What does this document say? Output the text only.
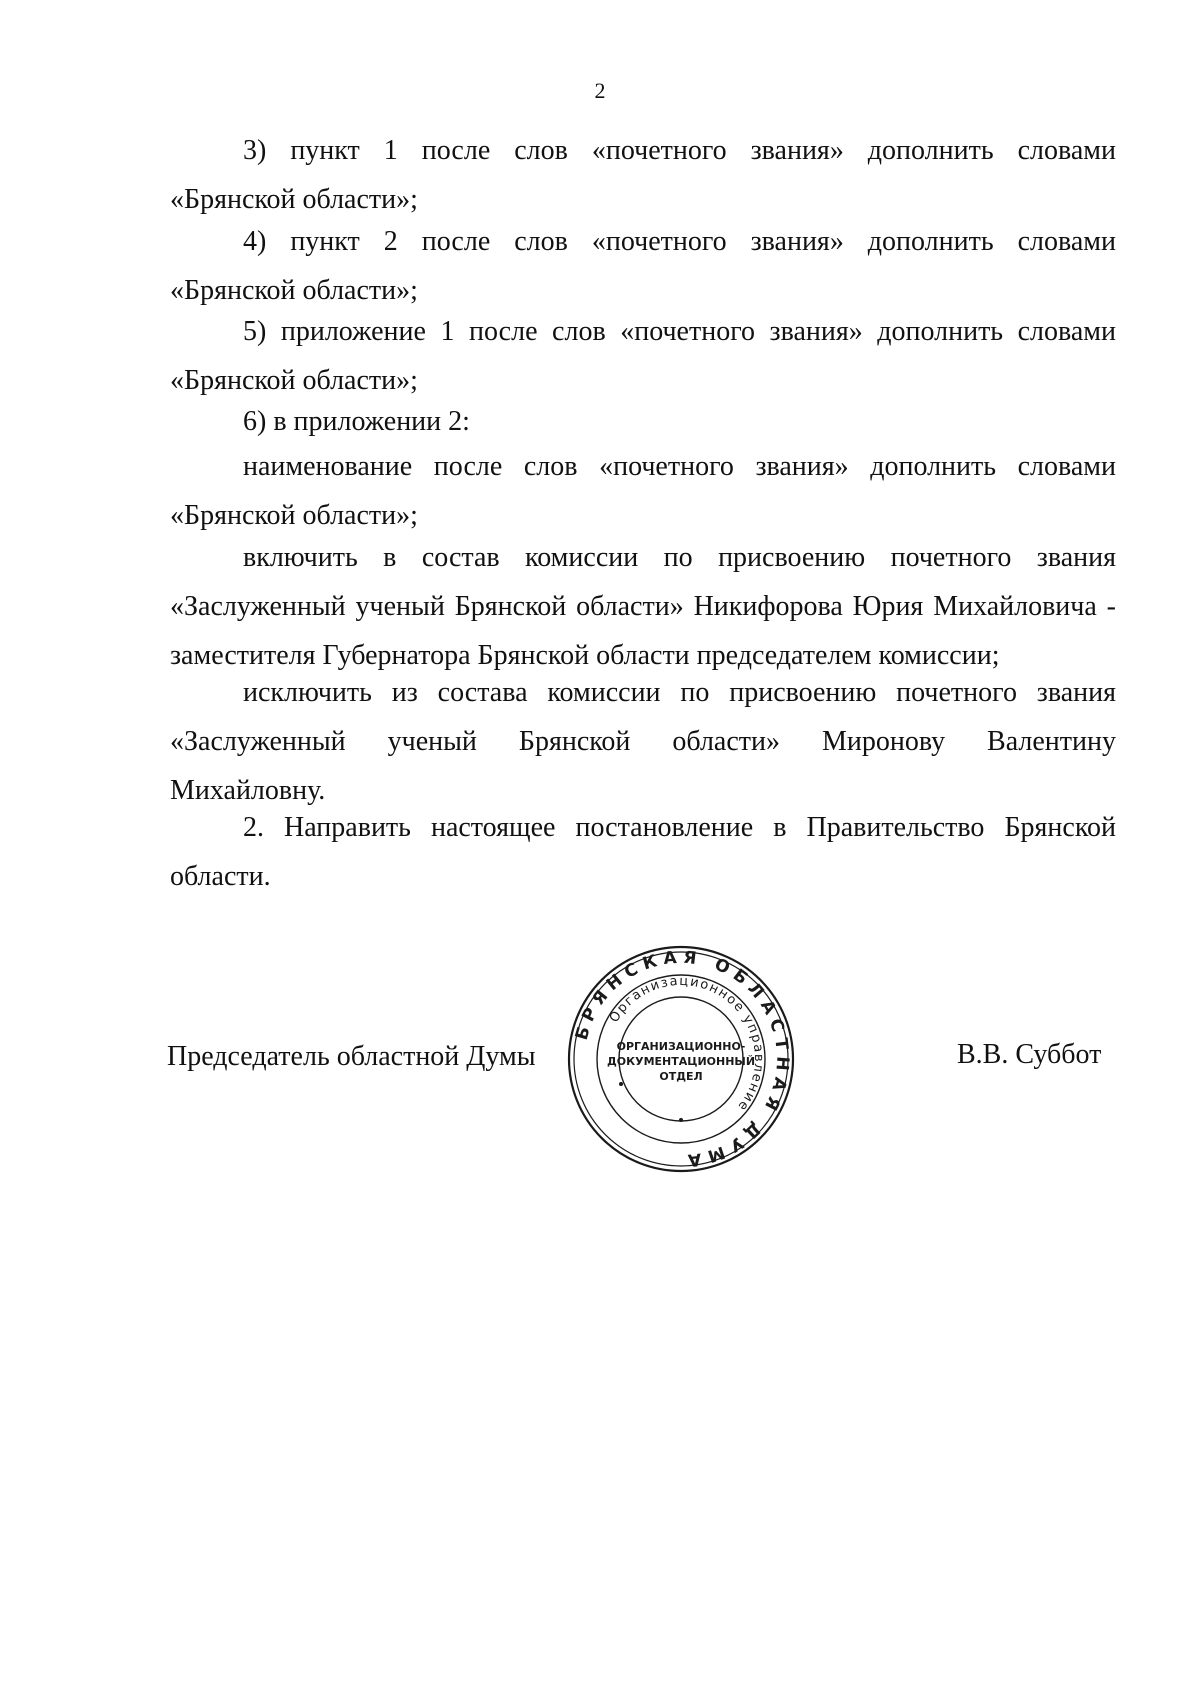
2
3) пункт 1 после слов «почетного звания» дополнить словами
«Брянской области»;
4) пункт 2 после слов «почетного звания» дополнить словами
«Брянской области»;
5) приложение 1 после слов «почетного звания» дополнить словами
«Брянской области»;
6) в приложении 2:
наименование после слов «почетного звания» дополнить словами
«Брянской области»;
включить в состав комиссии по присвоению почетного звания
«Заслуженный ученый Брянской области» Никифорова Юрия Михайловича -
заместителя Губернатора Брянской области председателем комиссии;
исключить из состава комиссии по присвоению почетного звания
«Заслуженный ученый Брянской области» Миронову Валентину
Михайловну.
2. Направить настоящее постановление в Правительство Брянской
области.
Председатель областной Думы	В.В. Суббот
БРЯНСКАЯ ОБЛАСТНАЯ ДУМА
Организационное управление
ОРГАНИЗАЦИОННО-
ДОКУМЕНТАЦИОННЫЙ
ОТДЕЛ
